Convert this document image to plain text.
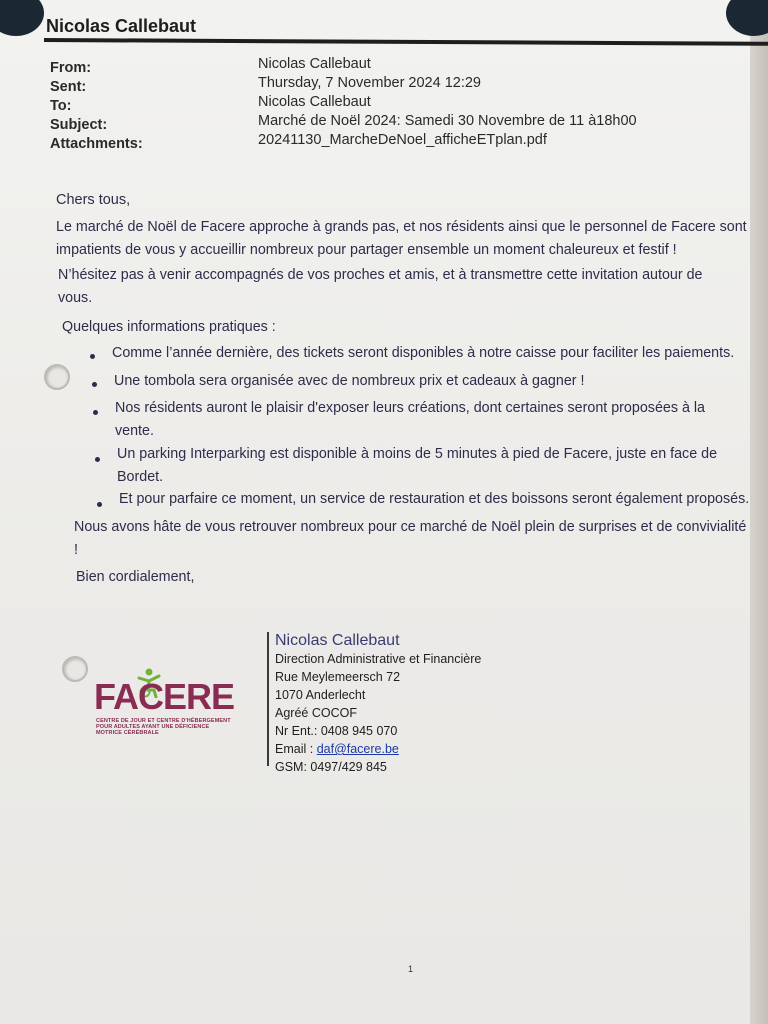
Nicolas Callebaut
From:	Nicolas Callebaut
Sent:	Thursday, 7 November 2024 12:29
To:	Nicolas Callebaut
Subject:	Marché de Noël 2024: Samedi 30 Novembre de 11 à18h00
Attachments:	20241130_MarcheDeNoel_afficheETplan.pdf
Chers tous,
Le marché de Noël de Facere approche à grands pas, et nos résidents ainsi que le personnel de Facere sont
impatients de vous y accueillir nombreux pour partager ensemble un moment chaleureux et festif !
N’hésitez pas à venir accompagnés de vos proches et amis, et à transmettre cette invitation autour de
vous.
Quelques informations pratiques :
Comme l’année dernière, des tickets seront disponibles à notre caisse pour faciliter les paiements.
Une tombola sera organisée avec de nombreux prix et cadeaux à gagner !
Nos résidents auront le plaisir d'exposer leurs créations, dont certaines seront proposées à la
vente.
Un parking Interparking est disponible à moins de 5 minutes à pied de Facere, juste en face de
Bordet.
Et pour parfaire ce moment, un service de restauration et des boissons seront également proposés.
Nous avons hâte de vous retrouver nombreux pour ce marché de Noël plein de surprises et de convivialité
!
Bien cordialement,
FACERE
CENTRE DE JOUR ET CENTRE D'HÉBERGEMENT POUR ADULTES AYANT UNE DÉFICIENCE MOTRICE CÉRÉBRALE
Nicolas Callebaut
Direction Administrative et Financière
Rue Meylemeersch 72
1070 Anderlecht
Agréé COCOF
Nr Ent.: 0408 945 070
Email : daf@facere.be
GSM: 0497/429 845
1
